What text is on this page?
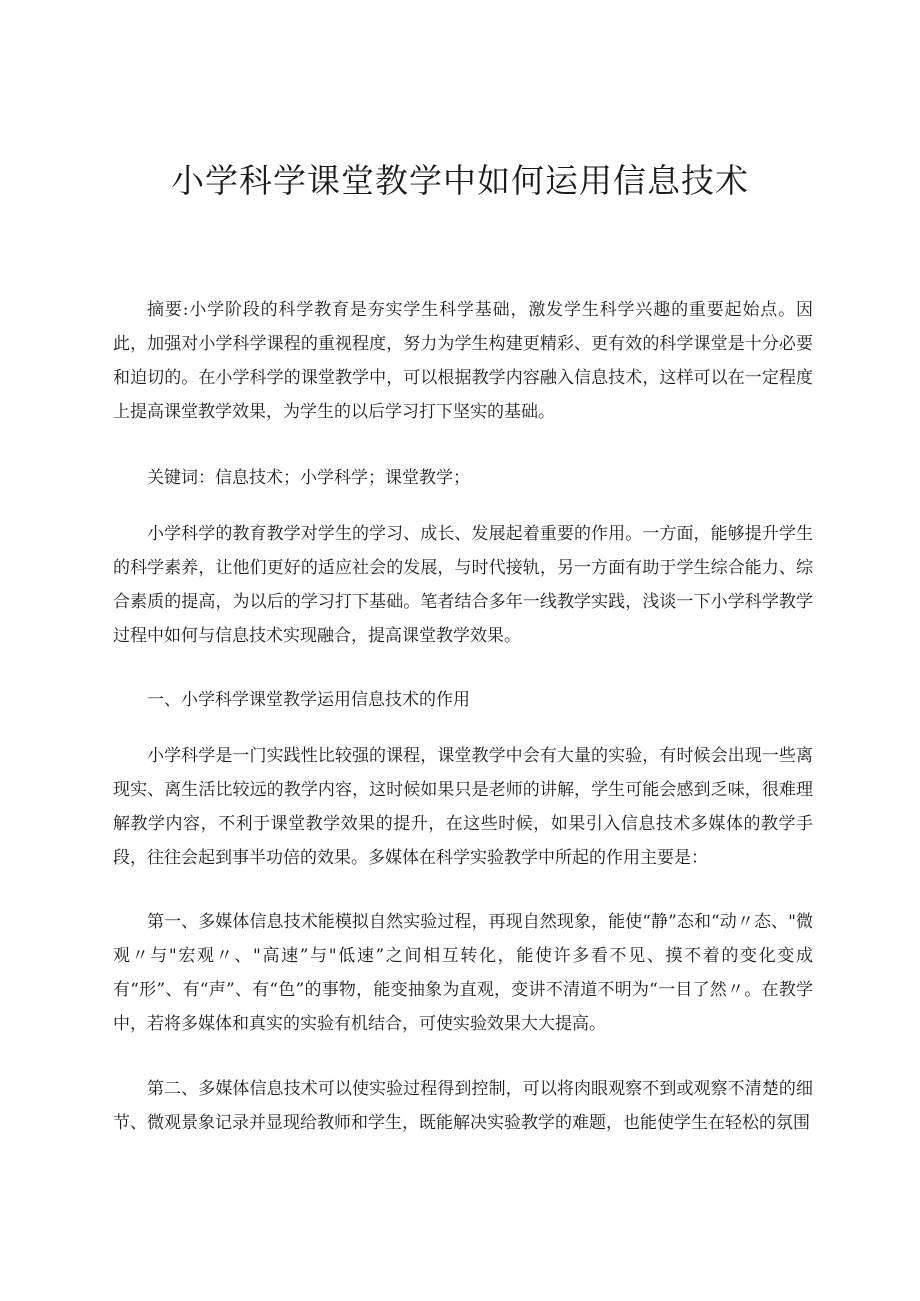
小学科学课堂教学中如何运用信息技术

摘要:小学阶段的科学教育是夯实学生科学基础，激发学生科学兴趣的重要起始点。因此，加强对小学科学课程的重视程度，努力为学生构建更精彩、更有效的科学课堂是十分必要和迫切的。在小学科学的课堂教学中，可以根据教学内容融入信息技术，这样可以在一定程度上提高课堂教学效果，为学生的以后学习打下坚实的基础。

关键词：信息技术；小学科学；课堂教学；

小学科学的教育教学对学生的学习、成长、发展起着重要的作用。一方面，能够提升学生的科学素养，让他们更好的适应社会的发展，与时代接轨，另一方面有助于学生综合能力、综合素质的提高，为以后的学习打下基础。笔者结合多年一线教学实践，浅谈一下小学科学教学过程中如何与信息技术实现融合，提高课堂教学效果。

一、小学科学课堂教学运用信息技术的作用

小学科学是一门实践性比较强的课程，课堂教学中会有大量的实验，有时候会出现一些离现实、离生活比较远的教学内容，这时候如果只是老师的讲解，学生可能会感到乏味，很难理解教学内容，不利于课堂教学效果的提升，在这些时候，如果引入信息技术多媒体的教学手段，往往会起到事半功倍的效果。多媒体在科学实验教学中所起的作用主要是：

第一、多媒体信息技术能模拟自然实验过程，再现自然现象，能使“静”态和“动〃态、"微观〃与"宏观〃、"高速”与"低速”之间相互转化，能使许多看不见、摸不着的变化变成有“形”、有“声”、有“色”的事物，能变抽象为直观，变讲不清道不明为“一目了然〃。在教学中，若将多媒体和真实的实验有机结合，可使实验效果大大提高。

第二、多媒体信息技术可以使实验过程得到控制，可以将肉眼观察不到或观察不清楚的细节、微观景象记录并显现给教师和学生，既能解决实验教学的难题，也能使学生在轻松的氛围
